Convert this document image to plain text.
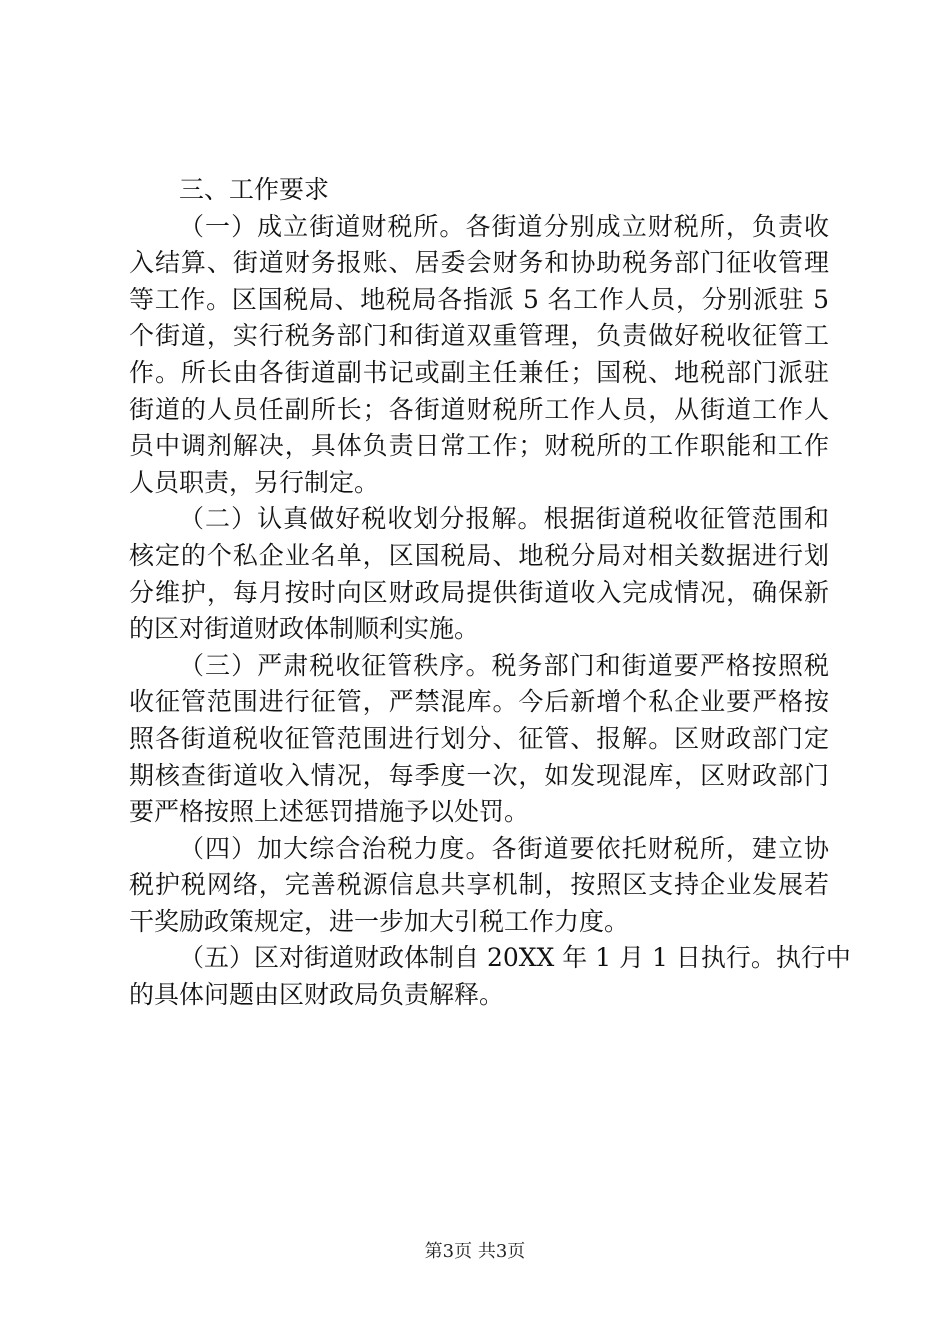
三、工作要求
（一）成立街道财税所。各街道分别成立财税所，负责收
入结算、街道财务报账、居委会财务和协助税务部门征收管理
等工作。区国税局、地税局各指派 5 名工作人员，分别派驻 5
个街道，实行税务部门和街道双重管理，负责做好税收征管工
作。所长由各街道副书记或副主任兼任；国税、地税部门派驻
街道的人员任副所长；各街道财税所工作人员，从街道工作人
员中调剂解决，具体负责日常工作；财税所的工作职能和工作
人员职责，另行制定。
（二）认真做好税收划分报解。根据街道税收征管范围和
核定的个私企业名单，区国税局、地税分局对相关数据进行划
分维护，每月按时向区财政局提供街道收入完成情况，确保新
的区对街道财政体制顺利实施。
（三）严肃税收征管秩序。税务部门和街道要严格按照税
收征管范围进行征管，严禁混库。今后新增个私企业要严格按
照各街道税收征管范围进行划分、征管、报解。区财政部门定
期核查街道收入情况，每季度一次，如发现混库，区财政部门
要严格按照上述惩罚措施予以处罚。
（四）加大综合治税力度。各街道要依托财税所，建立协
税护税网络，完善税源信息共享机制，按照区支持企业发展若
干奖励政策规定，进一步加大引税工作力度。
（五）区对街道财政体制自 20XX 年 1 月 1 日执行。执行中
的具体问题由区财政局负责解释。
第3页 共3页
